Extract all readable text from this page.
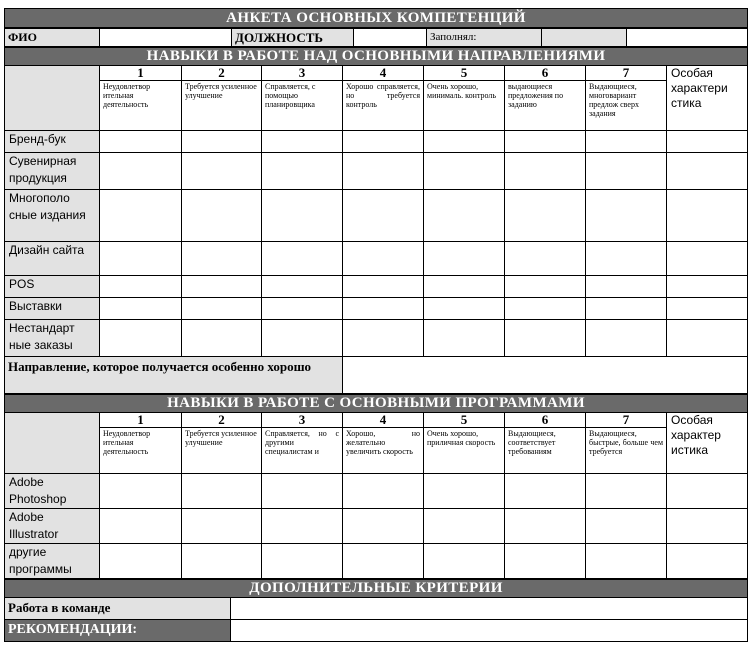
АНКЕТА ОСНОВНЫХ КОМПЕТЕНЦИЙ
ФИО		ДОЛЖНОСТЬ		Заполнял:		
НАВЫКИ В РАБОТЕ НАД ОСНОВНЫМИ НАПРАВЛЕНИЯМИ								
	1	2	3	4	5	6	7	Особая характери стика
	Неудовлетвор ительная деятельность	Требуется усиленное улучшение	Справляется, с помощью планировщика	Хорошо справляется, но требуется контроль	Очень хорошо, минималь. контроль	выдающиеся предложения по заданию	Выдающиеся, многовариант предлож сверх задания	
Бренд-бук								
Сувенирная продукция								
Многополо сные издания								
Дизайн сайта								
POS								
Выставки								
Нестандарт ные заказы								
Направление, которое получается особенно хорошо								
НАВЫКИ В РАБОТЕ С ОСНОВНЫМИ ПРОГРАММАМИ								
	1	2	3	4	5	6	7	Особая характер истика
	Неудовлетвор ительная деятельность	Требуется усиленное улучшение	Справляется, но с другими специалистам и	Хорошо, но желательно увеличить скорость	Очень хорошо, приличная скорость	Выдающиеся, соответствует требованиям	Выдающиеся, быстрые, больше чем требуется	
Adobe Photoshop								
Adobe Illustrator								
другие программы								
ДОПОЛНИТЕЛЬНЫЕ КРИТЕРИИ	
Работа в команде	
РЕКОМЕНДАЦИИ:	
